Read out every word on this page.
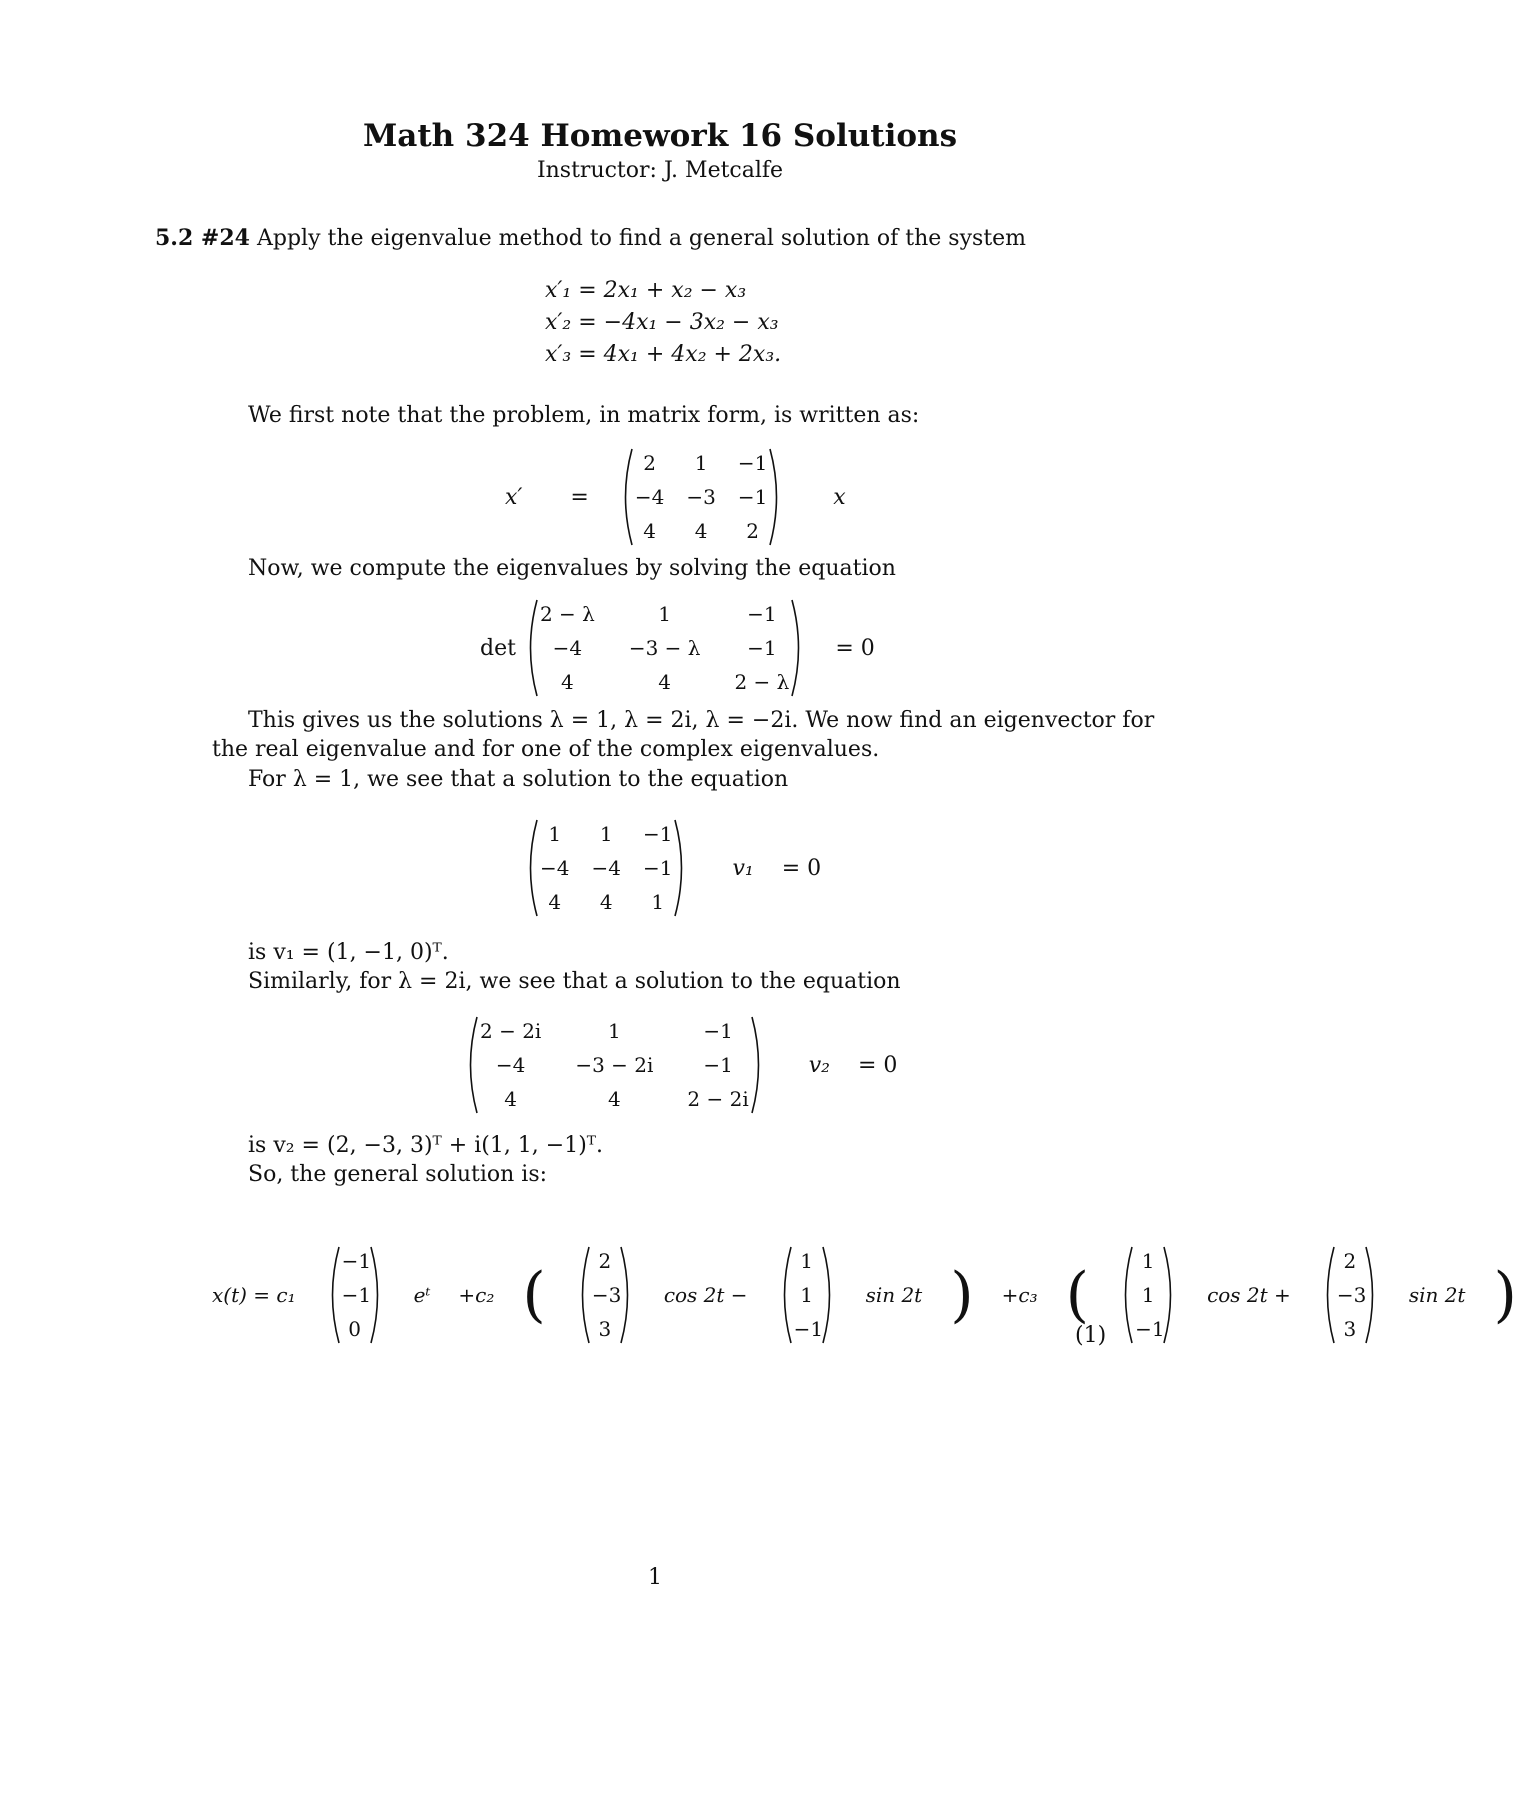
Math 324 Homework 16 Solutions
Instructor: J. Metcalfe
5.2 #24 Apply the eigenvalue method to find a general solution of the system
x′₁ = 2x₁ + x₂ − x₃
x′₂ = −4x₁ − 3x₂ − x₃
x′₃ = 4x₁ + 4x₂ + 2x₃.
We first note that the problem, in matrix form, is written as:
x′ =
2	1	−1
−4 −3 −1
4	4	2
x
Now, we compute the eigenvalues by solving the equation
det
2 − λ	1	−1
−4	−3 − λ	−1
4	4	2 − λ
= 0
This gives us the solutions λ = 1, λ = 2i, λ = −2i. We now find an eigenvector for
the real eigenvalue and for one of the complex eigenvalues.
For λ = 1, we see that a solution to the equation
1	1	−1
−4 −4 −1
4	4	1
v₁ = 0
is v₁ = (1, −1, 0)ᵀ.
Similarly, for λ = 2i, we see that a solution to the equation
2 − 2i	1	−1
−4	−3 − 2i	−1
4	4	2 − 2i
v₂ = 0
is v₂ = (2, −3, 3)ᵀ + i(1, 1, −1)ᵀ.
So, the general solution is:
x(t) = c₁
−1
−1
0
eᵗ +c₂ (	2
−3
3
cos 2t −
1
1
−1
sin 2t ) +c₃ (	1
1
−1
cos 2t +
2
−3
3
sin 2t )
(1)
1
